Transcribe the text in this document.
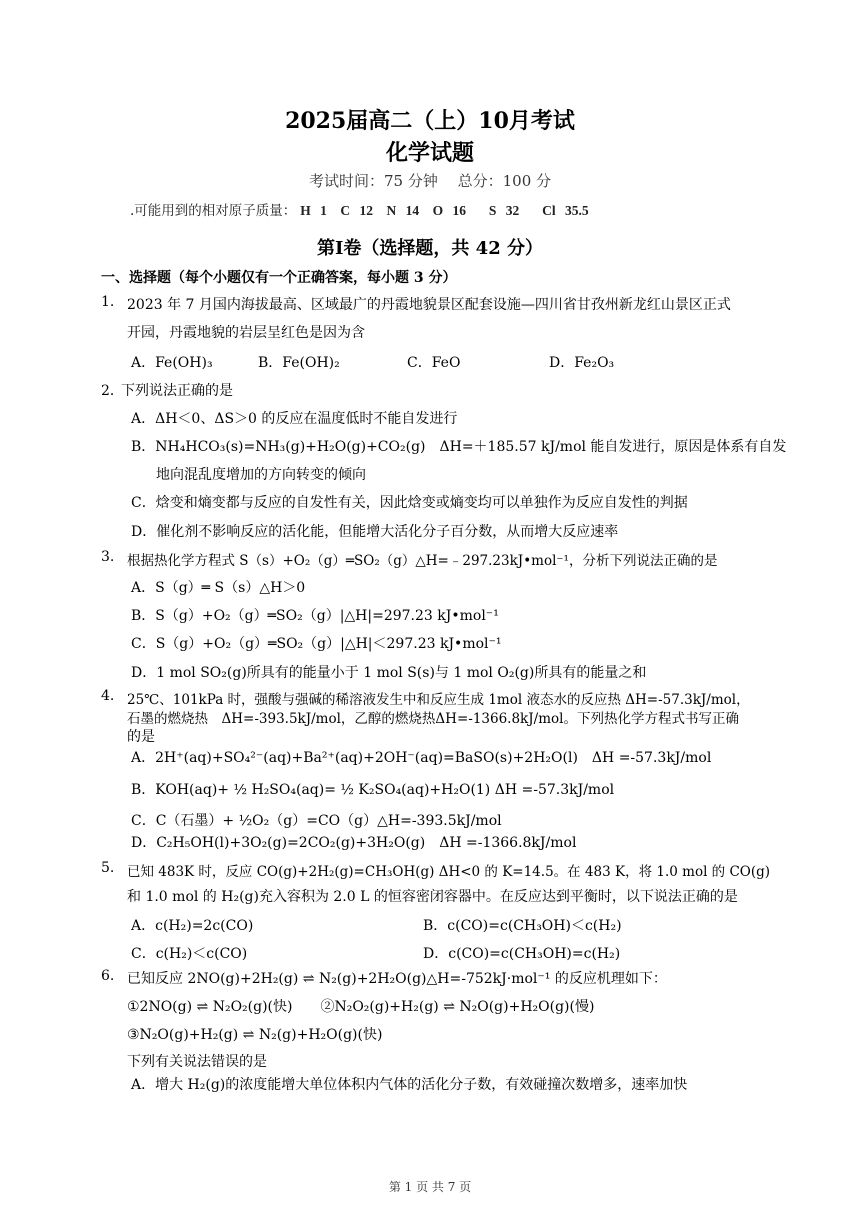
2025届高二（上）10月考试
化学试题
考试时间：75 分钟　 总分：100 分
.可能用到的相对原子质量： H 1　C 12　N 14　O 16　 S 32　 Cl 35.5
第Ⅰ卷（选择题，共 42 分）
一、选择题（每个小题仅有一个正确答案，每小题 3 分）
1. 2023 年 7 月国内海拔最高、区域最广的丹霞地貌景区配套设施—四川省甘孜州新龙红山景区正式
开园，丹霞地貌的岩层呈红色是因为含
A．Fe(OH)₃	B．Fe(OH)₂	C．FeO	D．Fe₂O₃
2．
下列说法正确的是
A．ΔH＜0、ΔS＞0 的反应在温度低时不能自发进行
B．NH₄HCO₃(s)=NH₃(g)+H₂O(g)+CO₂(g)　ΔH=＋185.57 kJ/mol 能自发进行，原因是体系有自发
地向混乱度增加的方向转变的倾向
C．焓变和熵变都与反应的自发性有关，因此焓变或熵变均可以单独作为反应自发性的判据
D．催化剂不影响反应的活化能，但能增大活化分子百分数，从而增大反应速率
3. 根据热化学方程式 S（s）+O₂（g）═SO₂（g）△H=﹣297.23kJ•mol⁻¹，分析下列说法正确的是
A．S（g）═ S（s）△H＞0
B．S（g）+O₂（g）═SO₂（g）|△H|=297.23 kJ•mol⁻¹
C．S（g）+O₂（g）═SO₂（g）|△H|＜297.23 kJ•mol⁻¹
D．1 mol SO₂(g)所具有的能量小于 1 mol S(s)与 1 mol O₂(g)所具有的能量之和
4. 25℃、101kPa 时，强酸与强碱的稀溶液发生中和反应生成 1mol 液态水的反应热 ΔH=-57.3kJ/mol，
石墨的燃烧热　ΔH=-393.5kJ/mol，乙醇的燃烧热ΔH=-1366.8kJ/mol。下列热化学方程式书写正确
的是
A．2H⁺(aq)+SO₄²⁻(aq)+Ba²⁺(aq)+2OH⁻(aq)=BaSO(s)+2H₂O(l)　ΔH =-57.3kJ/mol
B．KOH(aq)+ ½ H₂SO₄(aq)= ½ K₂SO₄(aq)+H₂O(1) ΔH =-57.3kJ/mol
C．C（石墨）+ ½O₂（g）=CO（g）△H=-393.5kJ/mol
D．C₂H₅OH(l)+3O₂(g)=2CO₂(g)+3H₂O(g)　ΔH =-1366.8kJ/mol
5. 已知 483K 时，反应 CO(g)+2H₂(g)=CH₃OH(g) ΔH<0 的 K=14.5。在 483 K，将 1.0 mol 的 CO(g)
和 1.0 mol 的 H₂(g)充入容积为 2.0 L 的恒容密闭容器中。在反应达到平衡时，以下说法正确的是
A．c(H₂)=2c(CO)	B．c(CO)=c(CH₃OH)＜c(H₂)
C．c(H₂)＜c(CO)	D．c(CO)=c(CH₃OH)=c(H₂)
6. 已知反应 2NO(g)+2H₂(g) ⇌ N₂(g)+2H₂O(g)△H=-752kJ·mol⁻¹ 的反应机理如下：
①2NO(g) ⇌ N₂O₂(g)(快)　　②N₂O₂(g)+H₂(g) ⇌ N₂O(g)+H₂O(g)(慢)
③N₂O(g)+H₂(g) ⇌ N₂(g)+H₂O(g)(快)
下列有关说法错误的是
A．增大 H₂(g)的浓度能增大单位体积内气体的活化分子数，有效碰撞次数增多，速率加快
第 1 页 共 7 页
